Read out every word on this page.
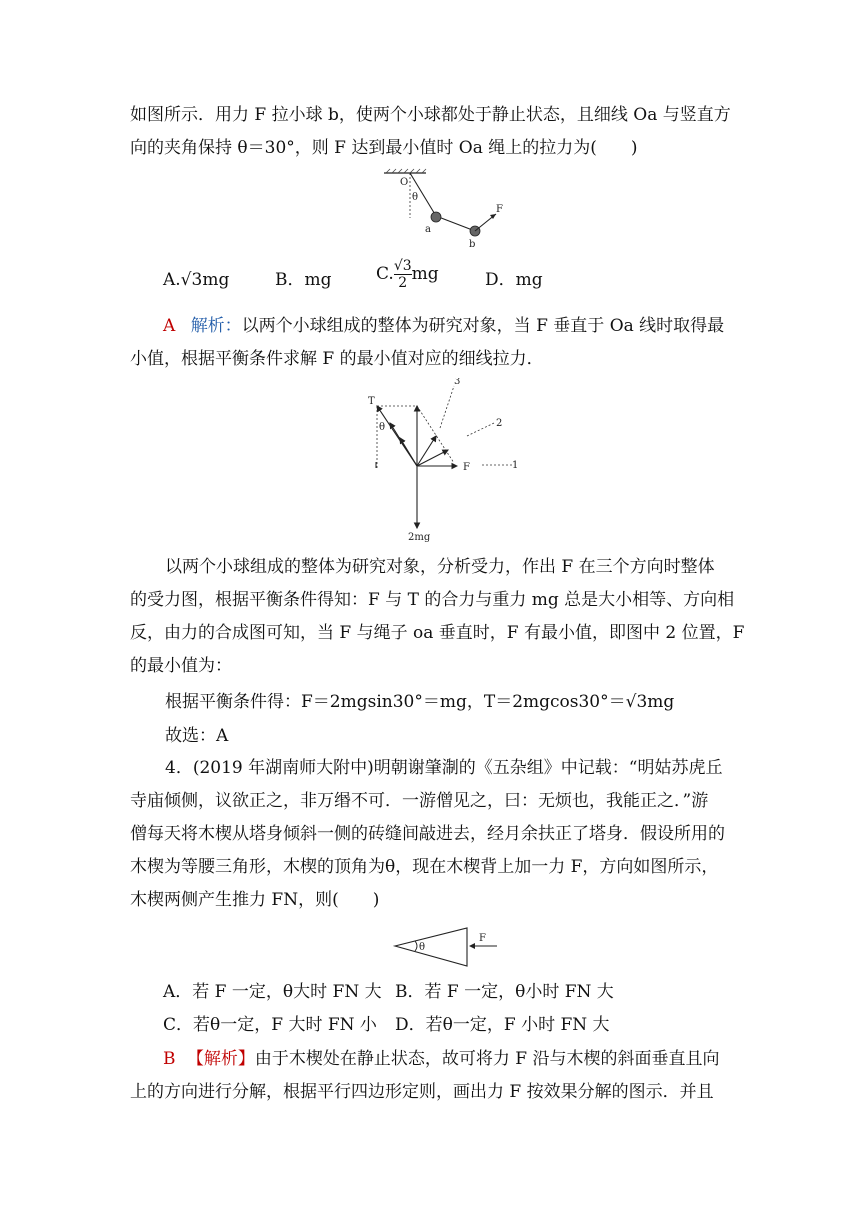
如图所示．用力 F 拉小球 b，使两个小球都处于静止状态，且细线 Oa 与竖直方
向的夹角保持 θ＝30°，则 F 达到最小值时 Oa 绳上的拉力为(　　)
O
θ
a
b
F
A.√3mg	B．mg	C. $\frac{√3}{2}$ mg	D．mg
A 解析：以两个小球组成的整体为研究对象，当 F 垂直于 Oa 线时取得最
小值，根据平衡条件求解 F 的最小值对应的细线拉力．
T
θ
3
2
F	1
2mg
以两个小球组成的整体为研究对象，分析受力，作出 F 在三个方向时整体
的受力图，根据平衡条件得知：F 与 T 的合力与重力 mg 总是大小相等、方向相
反，由力的合成图可知，当 F 与绳子 oa 垂直时，F 有最小值，即图中 2 位置，F
的最小值为：
根据平衡条件得：F＝2mgsin30°＝mg，T＝2mgcos30°＝√3mg
故选：A
4．(2019 年湖南师大附中)明朝谢肇淛的《五杂组》中记载：“明姑苏虎丘
寺庙倾侧，议欲正之，非万缗不可．一游僧见之，曰：无烦也，我能正之．”游
僧每天将木楔从塔身倾斜一侧的砖缝间敲进去，经月余扶正了塔身．假设所用的
木楔为等腰三角形，木楔的顶角为θ，现在木楔背上加一力 F，方向如图所示，
木楔两侧产生推力 FN，则(　　)
θ
F
A．若 F 一定，θ大时 FN 大 B．若 F 一定，θ小时 FN 大
C．若θ一定，F 大时 FN 小 D．若θ一定，F 小时 FN 大
B 【解析】由于木楔处在静止状态，故可将力 F 沿与木楔的斜面垂直且向
上的方向进行分解，根据平行四边形定则，画出力 F 按效果分解的图示．并且
